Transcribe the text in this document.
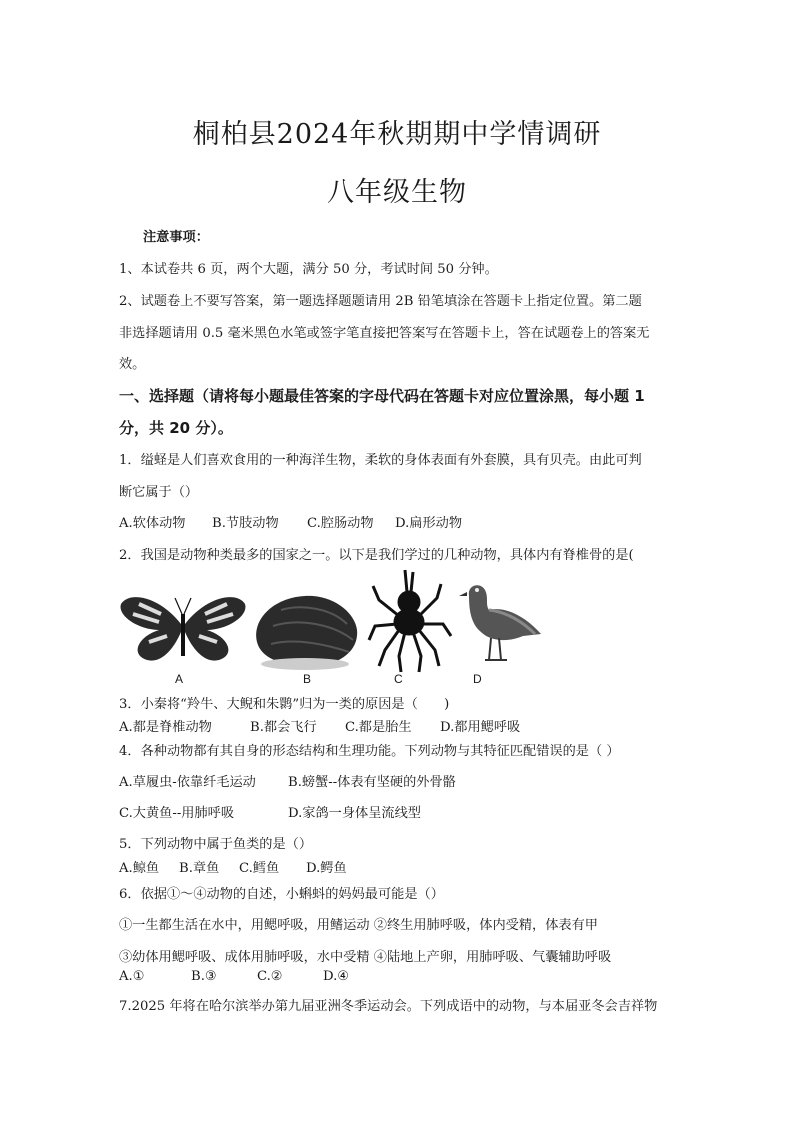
桐柏县2024年秋期期中学情调研
八年级生物
注意事项：
1、本试卷共 6 页，两个大题，满分 50 分，考试时间 50 分钟。
2、试题卷上不要写答案，第一题选择题题请用 2B 铅笔填涂在答题卡上指定位置。第二题
非选择题请用 0.5 毫米黑色水笔或签字笔直接把答案写在答题卡上，答在试题卷上的答案无
效。
一、选择题（请将每小题最佳答案的字母代码在答题卡对应位置涂黑，每小题 1
分，共 20 分）。
1．缢蛏是人们喜欢食用的一种海洋生物，柔软的身体表面有外套膜，具有贝壳。由此可判
断它属于（）
A.软体动物 B.节肢动物 C.腔肠动物 D.扁形动物
2．我国是动物种类最多的国家之一。以下是我们学过的几种动物，具体内有脊椎骨的是(
A	B	C	D
3．小秦将“羚牛、大鲵和朱鹮”归为一类的原因是（　　)
A.都是脊椎动物	B.都会飞行 C.都是胎生 D.都用鳃呼吸
4．各种动物都有其自身的形态结构和生理功能。下列动物与其特征匹配错误的是（ ）
A.草履虫-依靠纤毛运动 B.螃蟹--体表有坚硬的外骨骼
C.大黄鱼--用肺呼吸	D.家鸽一身体呈流线型
5．下列动物中属于鱼类的是（）
A.鲸鱼 B.章鱼 C.鳕鱼 D.鳄鱼
6．依据①～④动物的自述，小蝌蚪的妈妈最可能是（）
①一生都生活在水中，用鳃呼吸，用鳍运动 ②终生用肺呼吸，体内受精，体表有甲
③幼体用鳃呼吸、成体用肺呼吸，水中受精 ④陆地上产卵，用肺呼吸、气囊辅助呼吸
A.①	B.③	C.②	D.④
7.2025 年将在哈尔滨举办第九届亚洲冬季运动会。下列成语中的动物，与本届亚冬会吉祥物
